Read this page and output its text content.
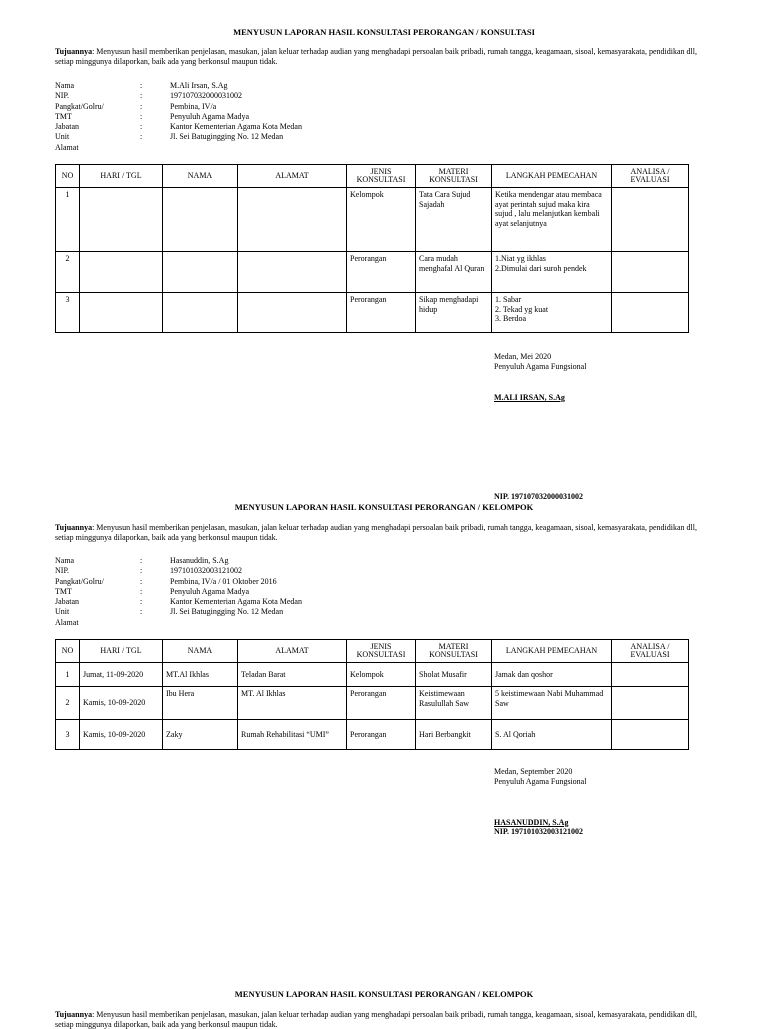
MENYUSUN LAPORAN HASIL KONSULTASI PERORANGAN / KONSULTASI
Tujuannya: Menyusun hasil memberikan penjelasan, masukan, jalan keluar terhadap audian yang menghadapi persoalan baik pribadi, rumah tangga, keagamaan, sisoal, kemasyarakata, pendidikan dll, setiap minggunya dilaporkan, baik ada yang berkonsul maupun tidak.
Nama	:	M.Ali Irsan, S.Ag
NIP.	:	197107032000031002
Pangkat/Golru/	:	Pembina, IV/a
TMT	:	Penyuluh Agama Madya
Jabatan	:	Kantor Kementerian Agama Kota Medan
Unit	:	Jl. Sei Batugingging No. 12 Medan
Alamat
NO	HARI / TGL	NAMA	ALAMAT	JENIS KONSULTASI	MATERI KONSULTASI	LANGKAH PEMECAHAN	ANALISA / EVALUASI
1				Kelompok	Tata Cara Sujud Sajadah	Ketika mendengar atau membaca ayat perintah sujud maka kira sujud , lalu melanjutkan kembali ayat selanjutnya	
2				Perorangan	Cara mudah menghafal Al Quran	1.Niat yg ikhlas
2.Dimulai dari suroh pendek	
3				Perorangan	Sikap menghadapi hidup	1. Sabar
2. Tekad yg kuat
3. Berdoa	
Medan, Mei 2020
Penyuluh Agama Fungsional
M.ALI IRSAN, S.Ag
NIP. 197107032000031002
MENYUSUN LAPORAN HASIL KONSULTASI PERORANGAN / KELOMPOK
Tujuannya: Menyusun hasil memberikan penjelasan, masukan, jalan keluar terhadap audian yang menghadapi persoalan baik pribadi, rumah tangga, keagamaan, sisoal, kemasyarakata, pendidikan dll, setiap minggunya dilaporkan, baik ada yang berkonsul maupun tidak.
Nama	:	Hasanuddin, S.Ag
NIP.	:	197101032003121002
Pangkat/Golru/	:	Pembina, IV/a / 01 Oktober 2016
TMT	:	Penyuluh Agama Madya
Jabatan	:	Kantor Kementerian Agama Kota Medan
Unit	:	Jl. Sei Batugingging No. 12 Medan
Alamat
NO	HARI / TGL	NAMA	ALAMAT	JENIS KONSULTASI	MATERI KONSULTASI	LANGKAH PEMECAHAN	ANALISA / EVALUASI
1	Jumat, 11-09-2020	MT.Al Ikhlas	Teladan Barat	Kelompok	Sholat Musafir	Jamak dan qoshor	
2	Kamis, 10-09-2020	Ibu Hera	MT. Al Ikhlas	Perorangan	Keistimewaan Rasulullah Saw	5 keistimewaan Nabi Muhammad Saw	
3	Kamis, 10-09-2020	Zaky	Rumah Rehabilitasi “UMI”	Perorangan	Hari Berbangkit	S. Al Qoriah	
Medan, September 2020
Penyuluh Agama Fungsional
HASANUDDIN, S.Ag
NIP. 197101032003121002
MENYUSUN LAPORAN HASIL KONSULTASI PERORANGAN / KELOMPOK
Tujuannya: Menyusun hasil memberikan penjelasan, masukan, jalan keluar terhadap audian yang menghadapi persoalan baik pribadi, rumah tangga, keagamaan, sisoal, kemasyarakata, pendidikan dll, setiap minggunya dilaporkan, baik ada yang berkonsul maupun tidak.
